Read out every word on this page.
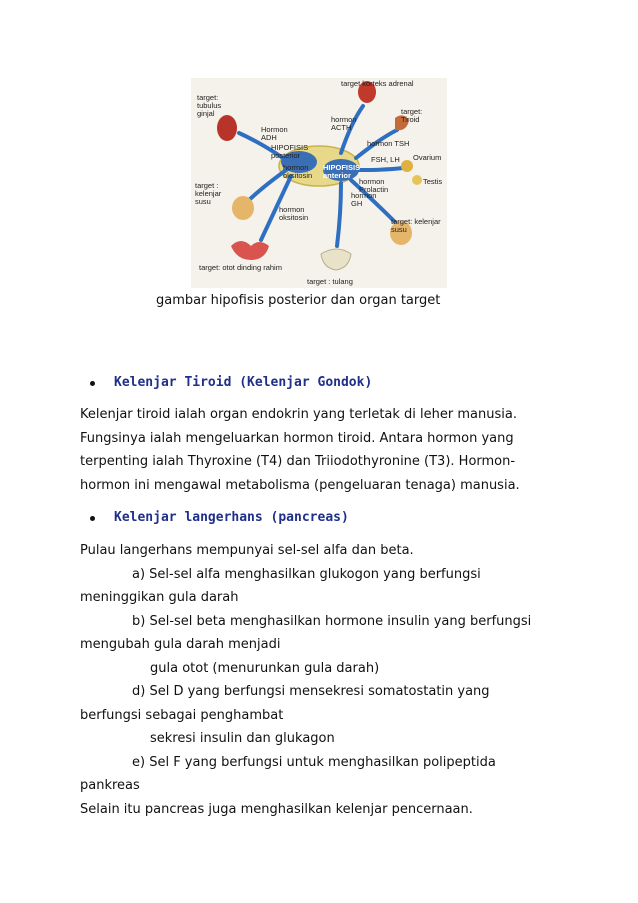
target korteks adrenal
target: tubulus ginjal
Hormon ADH
hormon ACTH
HIPOFISIS posterior
HIPOFISIS anterior
target: Tiroid
hormon TSH
FSH, LH Ovarium
Testis
hormon oksitosin
hormon Prolactin
hormon GH
target : kelenjar susu
hormon oksitosin	target: kelenjar susu
target: otot dinding rahim
target : tulang
gambar hipofisis posterior dan organ target
Kelenjar Tiroid (Kelenjar Gondok)
Kelenjar tiroid ialah organ endokrin yang terletak di leher manusia.
Fungsinya ialah mengeluarkan hormon tiroid. Antara hormon yang
terpenting ialah Thyroxine (T4) dan Triiodothyronine (T3). Hormon-
hormon ini mengawal metabolisma (pengeluaran tenaga) manusia.
Kelenjar langerhans (pancreas)
Pulau langerhans mempunyai sel-sel alfa dan beta.
a) Sel-sel alfa menghasilkan glukogon yang berfungsi
meninggikan gula darah
b) Sel-sel beta menghasilkan hormone insulin yang berfungsi
mengubah gula darah menjadi
gula otot (menurunkan gula darah)
d) Sel D yang berfungsi mensekresi somatostatin yang
berfungsi sebagai penghambat
sekresi insulin dan glukagon
e) Sel F yang berfungsi untuk menghasilkan polipeptida
pankreas
Selain itu pancreas juga menghasilkan kelenjar pencernaan.
